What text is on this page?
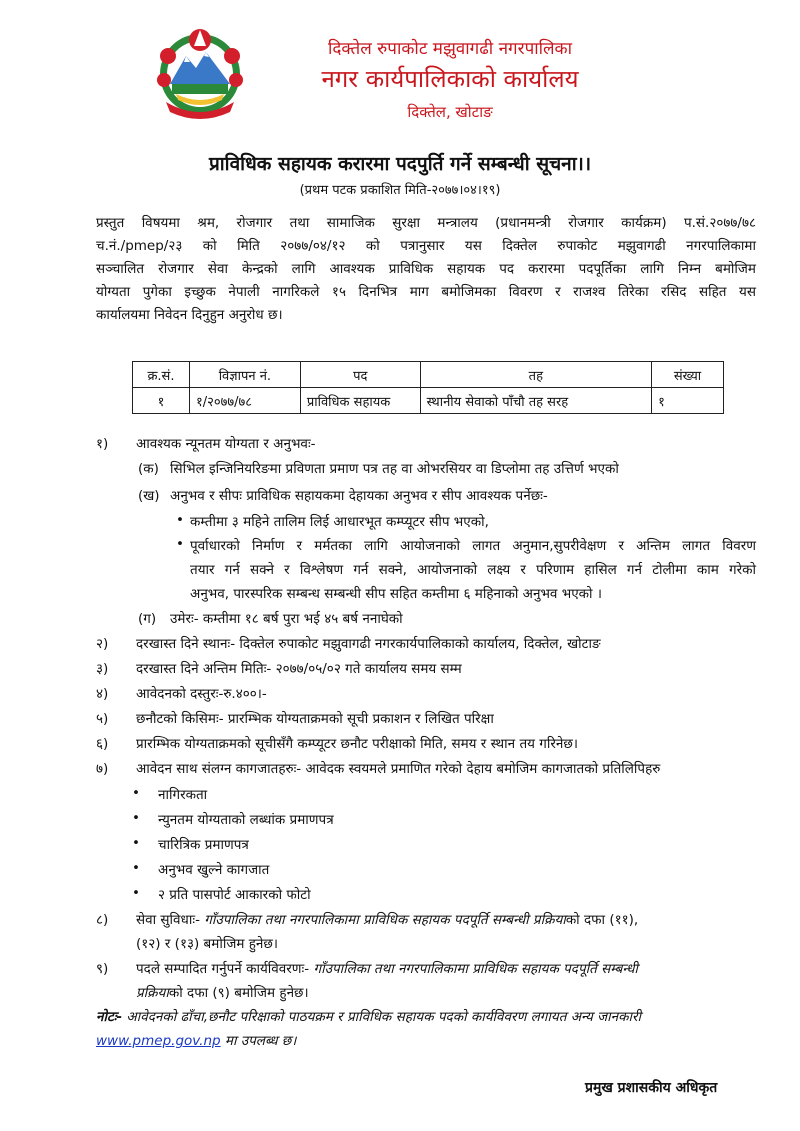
दिक्तेल रुपाकोट मझुवागढी नगरपालिका
नगर कार्यपालिकाको कार्यालय
दिक्तेल, खोटाङ
प्राविधिक सहायक करारमा पदपुर्ति गर्ने सम्बन्धी सूचना।।
(प्रथम पटक प्रकाशित मिति-२०७७।०४।१९)
प्रस्तुत विषयमा श्रम, रोजगार तथा सामाजिक सुरक्षा मन्त्रालय (प्रधानमन्त्री रोजगार कार्यक्रम) प.सं.२०७७/७८
च.नं./pmep/२३ को मिति २०७७/०४/१२ को पत्रानुसार यस दिक्तेल रुपाकोट मझुवागढी नगरपालिकामा
सञ्चालित रोजगार सेवा केन्द्रको लागि आवश्यक प्राविधिक सहायक पद करारमा पदपूर्तिका लागि निम्न बमोजिम
योग्यता पुगेका इच्छुक नेपाली नागरिकले १५ दिनभित्र माग बमोजिमका विवरण र राजश्व तिरेका रसिद सहित यस
कार्यालयमा निवेदन दिनुहुन अनुरोध छ।
क्र.सं.	विज्ञापन नं.	पद	तह	संख्या
१	१/२०७७/७८	प्राविधिक सहायक	स्थानीय सेवाको पाँचौ तह सरह	१
१) आवश्यक न्यूनतम योग्यता र अनुभवः-
(क) सिभिल इन्जिनियरिङमा प्रविणता प्रमाण पत्र तह वा ओभरसियर वा डिप्लोमा तह उत्तिर्ण भएको
(ख) अनुभव र सीपः प्राविधिक सहायकमा देहायका अनुभव र सीप आवश्यक पर्नेछः-
• कम्तीमा ३ महिने तालिम लिई आधारभूत कम्प्यूटर सीप भएको,
• पूर्वाधारको निर्माण र मर्मतका लागि आयोजनाको लागत अनुमान,सुपरीवेक्षण र अन्तिम लागत विवरण
तयार गर्न सक्ने र विश्लेषण गर्न सक्ने, आयोजनाको लक्ष्य र परिणाम हासिल गर्न टोलीमा काम गरेको
अनुभव, पारस्परिक सम्बन्ध सम्बन्धी सीप सहित कम्तीमा ६ महिनाको अनुभव भएको ।
(ग) उमेरः- कम्तीमा १८ बर्ष पुरा भई ४५ बर्ष ननाघेको
२) दरखास्त दिने स्थानः- दिक्तेल रुपाकोट मझुवागढी नगरकार्यपालिकाको कार्यालय, दिक्तेल, खोटाङ
३) दरखास्त दिने अन्तिम मितिः- २०७७/०५/०२ गते कार्यालय समय सम्म
४) आवेदनको दस्तुरः-रु.४००।-
५) छनौटको किसिमः- प्रारम्भिक योग्यताक्रमको सूची प्रकाशन र लिखित परिक्षा
६) प्रारम्भिक योग्यताक्रमको सूचीसँगै कम्प्यूटर छनौट परीक्षाको मिति, समय र स्थान तय गरिनेछ।
७) आवेदन साथ संलग्न कागजातहरुः- आवेदक स्वयमले प्रमाणित गरेको देहाय बमोजिम कागजातको प्रतिलिपिहरु
• नागिरकता
• न्युनतम योग्यताको लब्धांक प्रमाणपत्र
• चारित्रिक प्रमाणपत्र
• अनुभव खुल्ने कागजात
• २ प्रति पासपोर्ट आकारको फोटो
८) सेवा सुविधाः- गाँउपालिका तथा नगरपालिकामा प्राविधिक सहायक पदपूर्ति सम्बन्धी प्रक्रियाको दफा (११),
(१२) र (१३) बमोजिम हुनेछ।
९) पदले सम्पादित गर्नुपर्ने कार्यविवरणः- गाँउपालिका तथा नगरपालिकामा प्राविधिक सहायक पदपूर्ति सम्बन्धी
प्रक्रियाको दफा (९) बमोजिम हुनेछ।
नोटः- आवेदनको ढाँचा,छनौट परिक्षाको पाठयक्रम र प्राविधिक सहायक पदको कार्यविवरण लगायत अन्य जानकारी
www.pmep.gov.np मा उपलब्ध छ।
प्रमुख प्रशासकीय अधिकृत
